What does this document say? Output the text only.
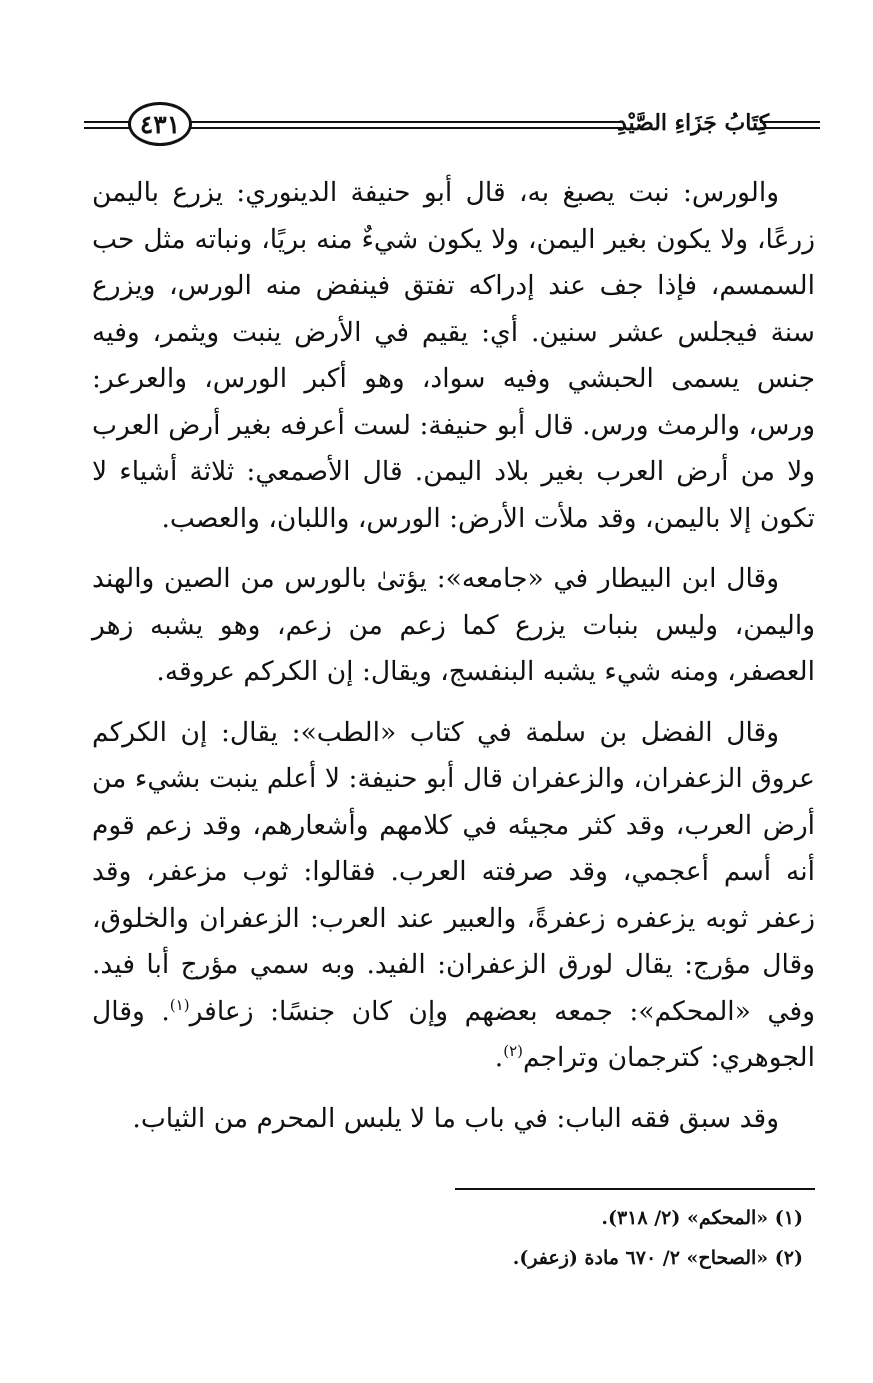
٤٣١	كِتَابُ جَزَاءِ الصَّيْدِ

والورس: نبت يصبغ به، قال أبو حنيفة الدينوري: يزرع باليمن زرعًا، ولا يكون بغير اليمن، ولا يكون شيءٌ منه بريًا، ونباته مثل حب السمسم، فإذا جف عند إدراكه تفتق فينفض منه الورس، ويزرع سنة فيجلس عشر سنين. أي: يقيم في الأرض ينبت ويثمر، وفيه جنس يسمى الحبشي وفيه سواد، وهو أكبر الورس، والعرعر: ورس، والرمث ورس. قال أبو حنيفة: لست أعرفه بغير أرض العرب ولا من أرض العرب بغير بلاد اليمن. قال الأصمعي: ثلاثة أشياء لا تكون إلا باليمن، وقد ملأت الأرض: الورس، واللبان، والعصب.

وقال ابن البيطار في «جامعه»: يؤتىٰ بالورس من الصين والهند واليمن، وليس بنبات يزرع كما زعم من زعم، وهو يشبه زهر العصفر، ومنه شيء يشبه البنفسج، ويقال: إن الكركم عروقه.

وقال الفضل بن سلمة في كتاب «الطب»: يقال: إن الكركم عروق الزعفران، والزعفران قال أبو حنيفة: لا أعلم ينبت بشيء من أرض العرب، وقد كثر مجيئه في كلامهم وأشعارهم، وقد زعم قوم أنه أسم أعجمي، وقد صرفته العرب. فقالوا: ثوب مزعفر، وقد زعفر ثوبه يزعفره زعفرةً، والعبير عند العرب: الزعفران والخلوق، وقال مؤرج: يقال لورق الزعفران: الفيد. وبه سمي مؤرج أبا فيد. وفي «المحكم»: جمعه بعضهم وإن كان جنسًا: زعافر$^{(١)}$. وقال الجوهري: كترجمان وتراجم$^{(٢)}$.

وقد سبق فقه الباب: في باب ما لا يلبس المحرم من الثياب.

(١) «المحكم» (٢/ ٣١٨).

(٢) «الصحاح» ٢/ ٦٧٠ مادة (زعفر).
